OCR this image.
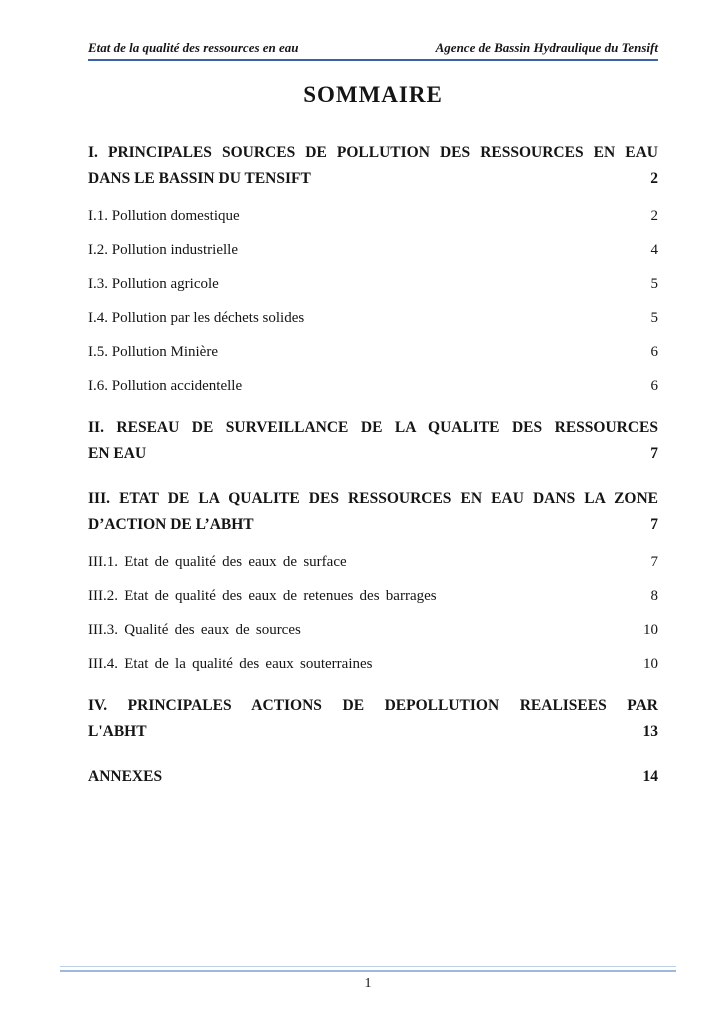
Etat de la qualité des ressources en eau	Agence de Bassin Hydraulique du Tensift
SOMMAIRE
I. PRINCIPALES SOURCES DE POLLUTION DES RESSOURCES EN EAU
DANS LE BASSIN DU TENSIFT	2
I.1. Pollution domestique	2
I.2. Pollution industrielle	4
I.3. Pollution agricole	5
I.4. Pollution par les déchets solides	5
I.5. Pollution Minière	6
I.6. Pollution accidentelle	6
II. RESEAU DE SURVEILLANCE DE LA QUALITE DES RESSOURCES
EN EAU	7
III. ETAT DE LA QUALITE DES RESSOURCES EN EAU DANS LA ZONE
D’ACTION DE L’ABHT	7
III.1. Etat de qualité des eaux de surface	7
III.2. Etat de qualité des eaux de retenues des barrages	8
III.3. Qualité des eaux de sources	10
III.4. Etat de la qualité des eaux souterraines	10
IV. PRINCIPALES ACTIONS DE DEPOLLUTION REALISEES PAR
L'ABHT	13
ANNEXES	14
1
